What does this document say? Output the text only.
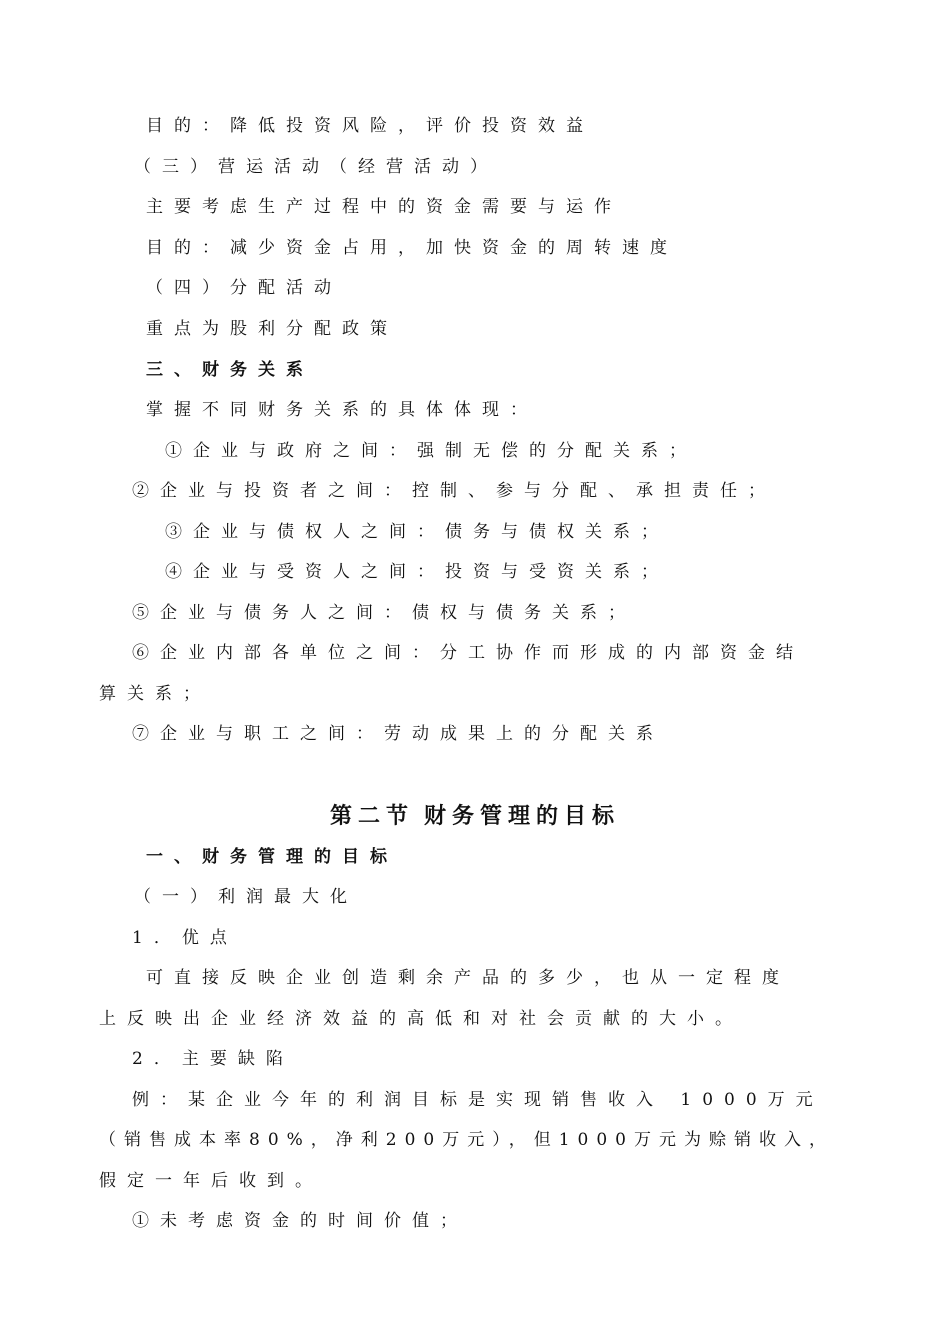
目的：降低投资风险，评价投资效益
（三）营运活动（经营活动）
主要考虑生产过程中的资金需要与运作
目的：减少资金占用，加快资金的周转速度
（四）分配活动
重点为股利分配政策
三、财务关系
掌握不同财务关系的具体体现：
①企业与政府之间：强制无偿的分配关系；
②企业与投资者之间：控制、参与分配、承担责任；
③企业与债权人之间：债务与债权关系；
④企业与受资人之间：投资与受资关系；
⑤企业与债务人之间：债权与债务关系；
⑥企业内部各单位之间：分工协作而形成的内部资金结
算关系；
⑦企业与职工之间：劳动成果上的分配关系
第二节 财务管理的目标
一、财务管理的目标
（一）利润最大化
1．优点
可直接反映企业创造剩余产品的多少，也从一定程度
上反映出企业经济效益的高低和对社会贡献的大小。
2．主要缺陷
例：某企业今年的利润目标是实现销售收入 1000万元
（销售成本率80%，净利200万元），但1000万元为赊销收入，
假定一年后收到。
①未考虑资金的时间价值；
